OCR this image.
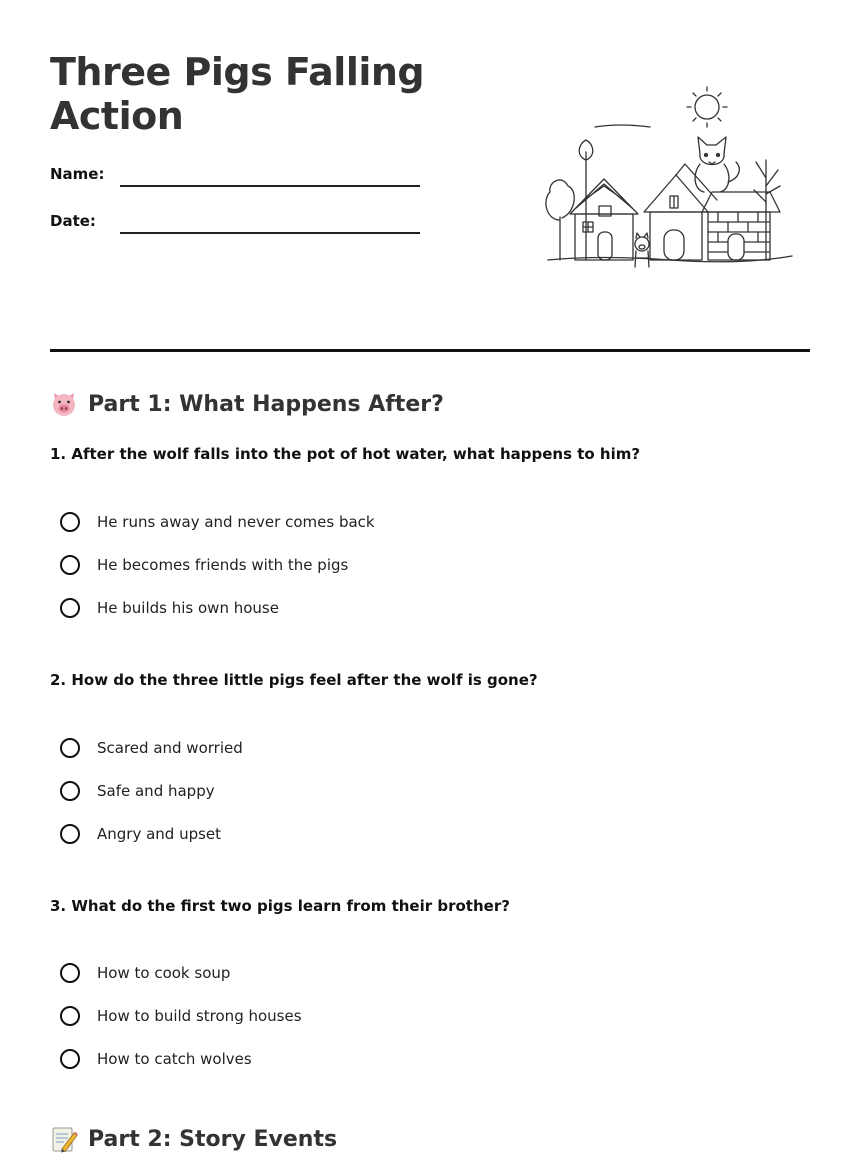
Three Pigs Falling Action
Name:
Date:
Part 1: What Happens After?

1. After the wolf falls into the pot of hot water, what happens to him?

He runs away and never comes back
He becomes friends with the pigs
He builds his own house

2. How do the three little pigs feel after the wolf is gone?

Scared and worried
Safe and happy
Angry and upset

3. What do the first two pigs learn from their brother?

How to cook soup
How to build strong houses
How to catch wolves
Part 2: Story Events
